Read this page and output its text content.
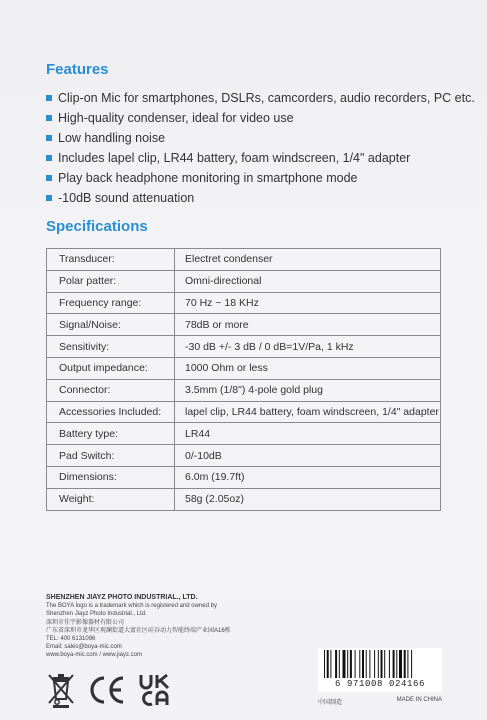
Features
Clip-on Mic for smartphones, DSLRs, camcorders, audio recorders, PC etc.
High-quality condenser, ideal for video use
Low handling noise
Includes lapel clip, LR44 battery, foam windscreen, 1/4" adapter
Play back headphone monitoring in smartphone mode
-10dB sound attenuation
Specifications
Transducer:	Electret condenser
Polar patter:	Omni-directional
Frequency range:	70 Hz ~ 18 KHz
Signal/Noise:	78dB or more
Sensitivity:	-30 dB +/- 3 dB / 0 dB=1V/Pa, 1 kHz
Output impedance:	1000 Ohm or less
Connector:	3.5mm (1/8") 4-pole gold plug
Accessories Included:	lapel clip, LR44 battery, foam windscreen, 1/4" adapter
Battery type:	LR44
Pad Switch:	0/-10dB
Dimensions:	6.0m (19.7ft)
Weight:	58g (2.05oz)
SHENZHEN JIAYZ PHOTO INDUSTRIAL., LTD.
The BOYA logo is a trademark which is registered and owned by
Shenzhen Jiayz Photo Industrial., Ltd.
深圳市佳宇影像器材有限公司
广东省深圳市龙华区观澜街道大富社区硅谷动力智能终端产业园A16栋
TEL: 400 6131096
Email: sales@boya-mic.com
www.boya-mic.com / www.jiayz.com
6 971008 024166
中国制造	MADE IN CHINA
